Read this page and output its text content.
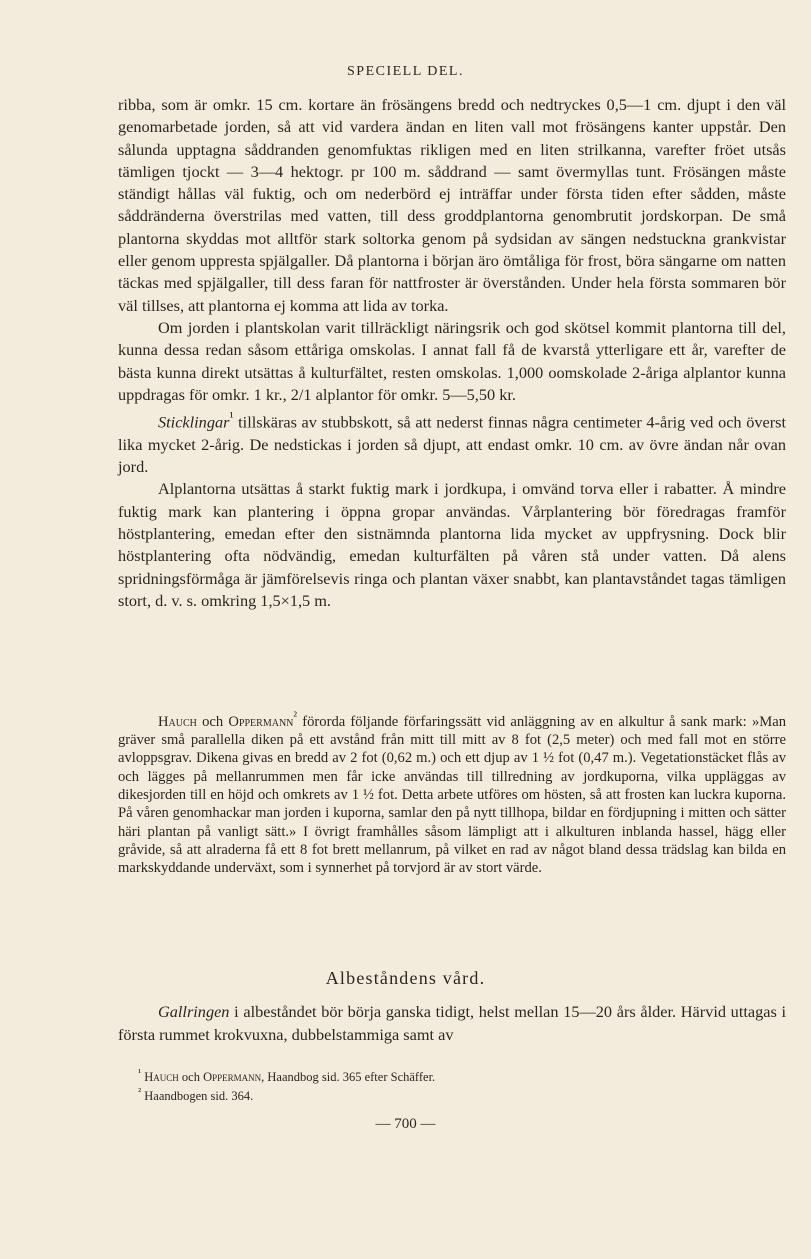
SPECIELL DEL.

ribba, som är omkr. 15 cm. kortare än frösängens bredd och nedtryckes 0,5—1 cm. djupt i den väl genomarbetade jorden, så att vid vardera ändan en liten vall mot frösängens kanter uppstår. Den sålunda upptagna såddranden genomfuktas rikligen med en liten strilkanna, varefter fröet utsås tämligen tjockt — 3—4 hektogr. pr 100 m. såddrand — samt övermyllas tunt. Frösängen måste ständigt hållas väl fuktig, och om nederbörd ej inträffar under första tiden efter sådden, måste såddränderna överstrilas med vatten, till dess groddplantorna genombrutit jordskorpan. De små plantorna skyddas mot alltför stark soltorka genom på sydsidan av sängen nedstuckna grankvistar eller genom uppresta spjälgaller. Då plantorna i början äro ömtåliga för frost, böra sängarne om natten täckas med spjälgaller, till dess faran för nattfroster är överstånden. Under hela första sommaren bör väl tillses, att plantorna ej komma att lida av torka.

Om jorden i plantskolan varit tillräckligt näringsrik och god skötsel kommit plantorna till del, kunna dessa redan såsom ettåriga omskolas. I annat fall få de kvarstå ytterligare ett år, varefter de bästa kunna direkt utsättas å kulturfältet, resten omskolas. 1,000 oomskolade 2-åriga alplantor kunna uppdragas för omkr. 1 kr., 2/1 alplantor för omkr. 5—5,50 kr.

Sticklingar$^{^1}$ tillskäras av stubbskott, så att nederst finnas några centimeter 4-årig ved och överst lika mycket 2-årig. De nedstickas i jorden så djupt, att endast omkr. 10 cm. av övre ändan når ovan jord.

Alplantorna utsättas å starkt fuktig mark i jordkupa, i omvänd torva eller i rabatter. Å mindre fuktig mark kan plantering i öppna gropar användas. Vårplantering bör föredragas framför höstplantering, emedan efter den sistnämnda plantorna lida mycket av uppfrysning. Dock blir höstplantering ofta nödvändig, emedan kulturfälten på våren stå under vatten. Då alens spridningsförmåga är jämförelsevis ringa och plantan växer snabbt, kan plantavståndet tagas tämligen stort, d. v. s. omkring 1,5×1,5 m.

Hauch och Oppermann$^{^2}$ förorda följande förfaringssätt vid anläggning av en alkultur å sank mark: »Man gräver små parallella diken på ett avstånd från mitt till mitt av 8 fot (2,5 meter) och med fall mot en större avloppsgrav. Dikena givas en bredd av 2 fot (0,62 m.) och ett djup av 1 ½ fot (0,47 m.). Vegetationstäcket flås av och lägges på mellanrummen men får icke användas till tillredning av jordkuporna, vilka uppläggas av dikesjorden till en höjd och omkrets av 1 ½ fot. Detta arbete utföres om hösten, så att frosten kan luckra kuporna. På våren genomhackar man jorden i kuporna, samlar den på nytt tillhopa, bildar en fördjupning i mitten och sätter häri plantan på vanligt sätt.» I övrigt framhålles såsom lämpligt att i alkulturen inblanda hassel, hägg eller gråvide, så att alraderna få ett 8 fot brett mellanrum, på vilket en rad av något bland dessa trädslag kan bilda en markskyddande underväxt, som i synnerhet på torvjord är av stort värde.

Albeståndens vård.

Gallringen i albeståndet bör börja ganska tidigt, helst mellan 15—20 års ålder. Härvid uttagas i första rummet krokvuxna, dubbelstammiga samt av

$^{^1}$ Hauch och Oppermann, Haandbog sid. 365 efter Schäffer.

$^{^2}$ Haandbogen sid. 364.

— 700 —
